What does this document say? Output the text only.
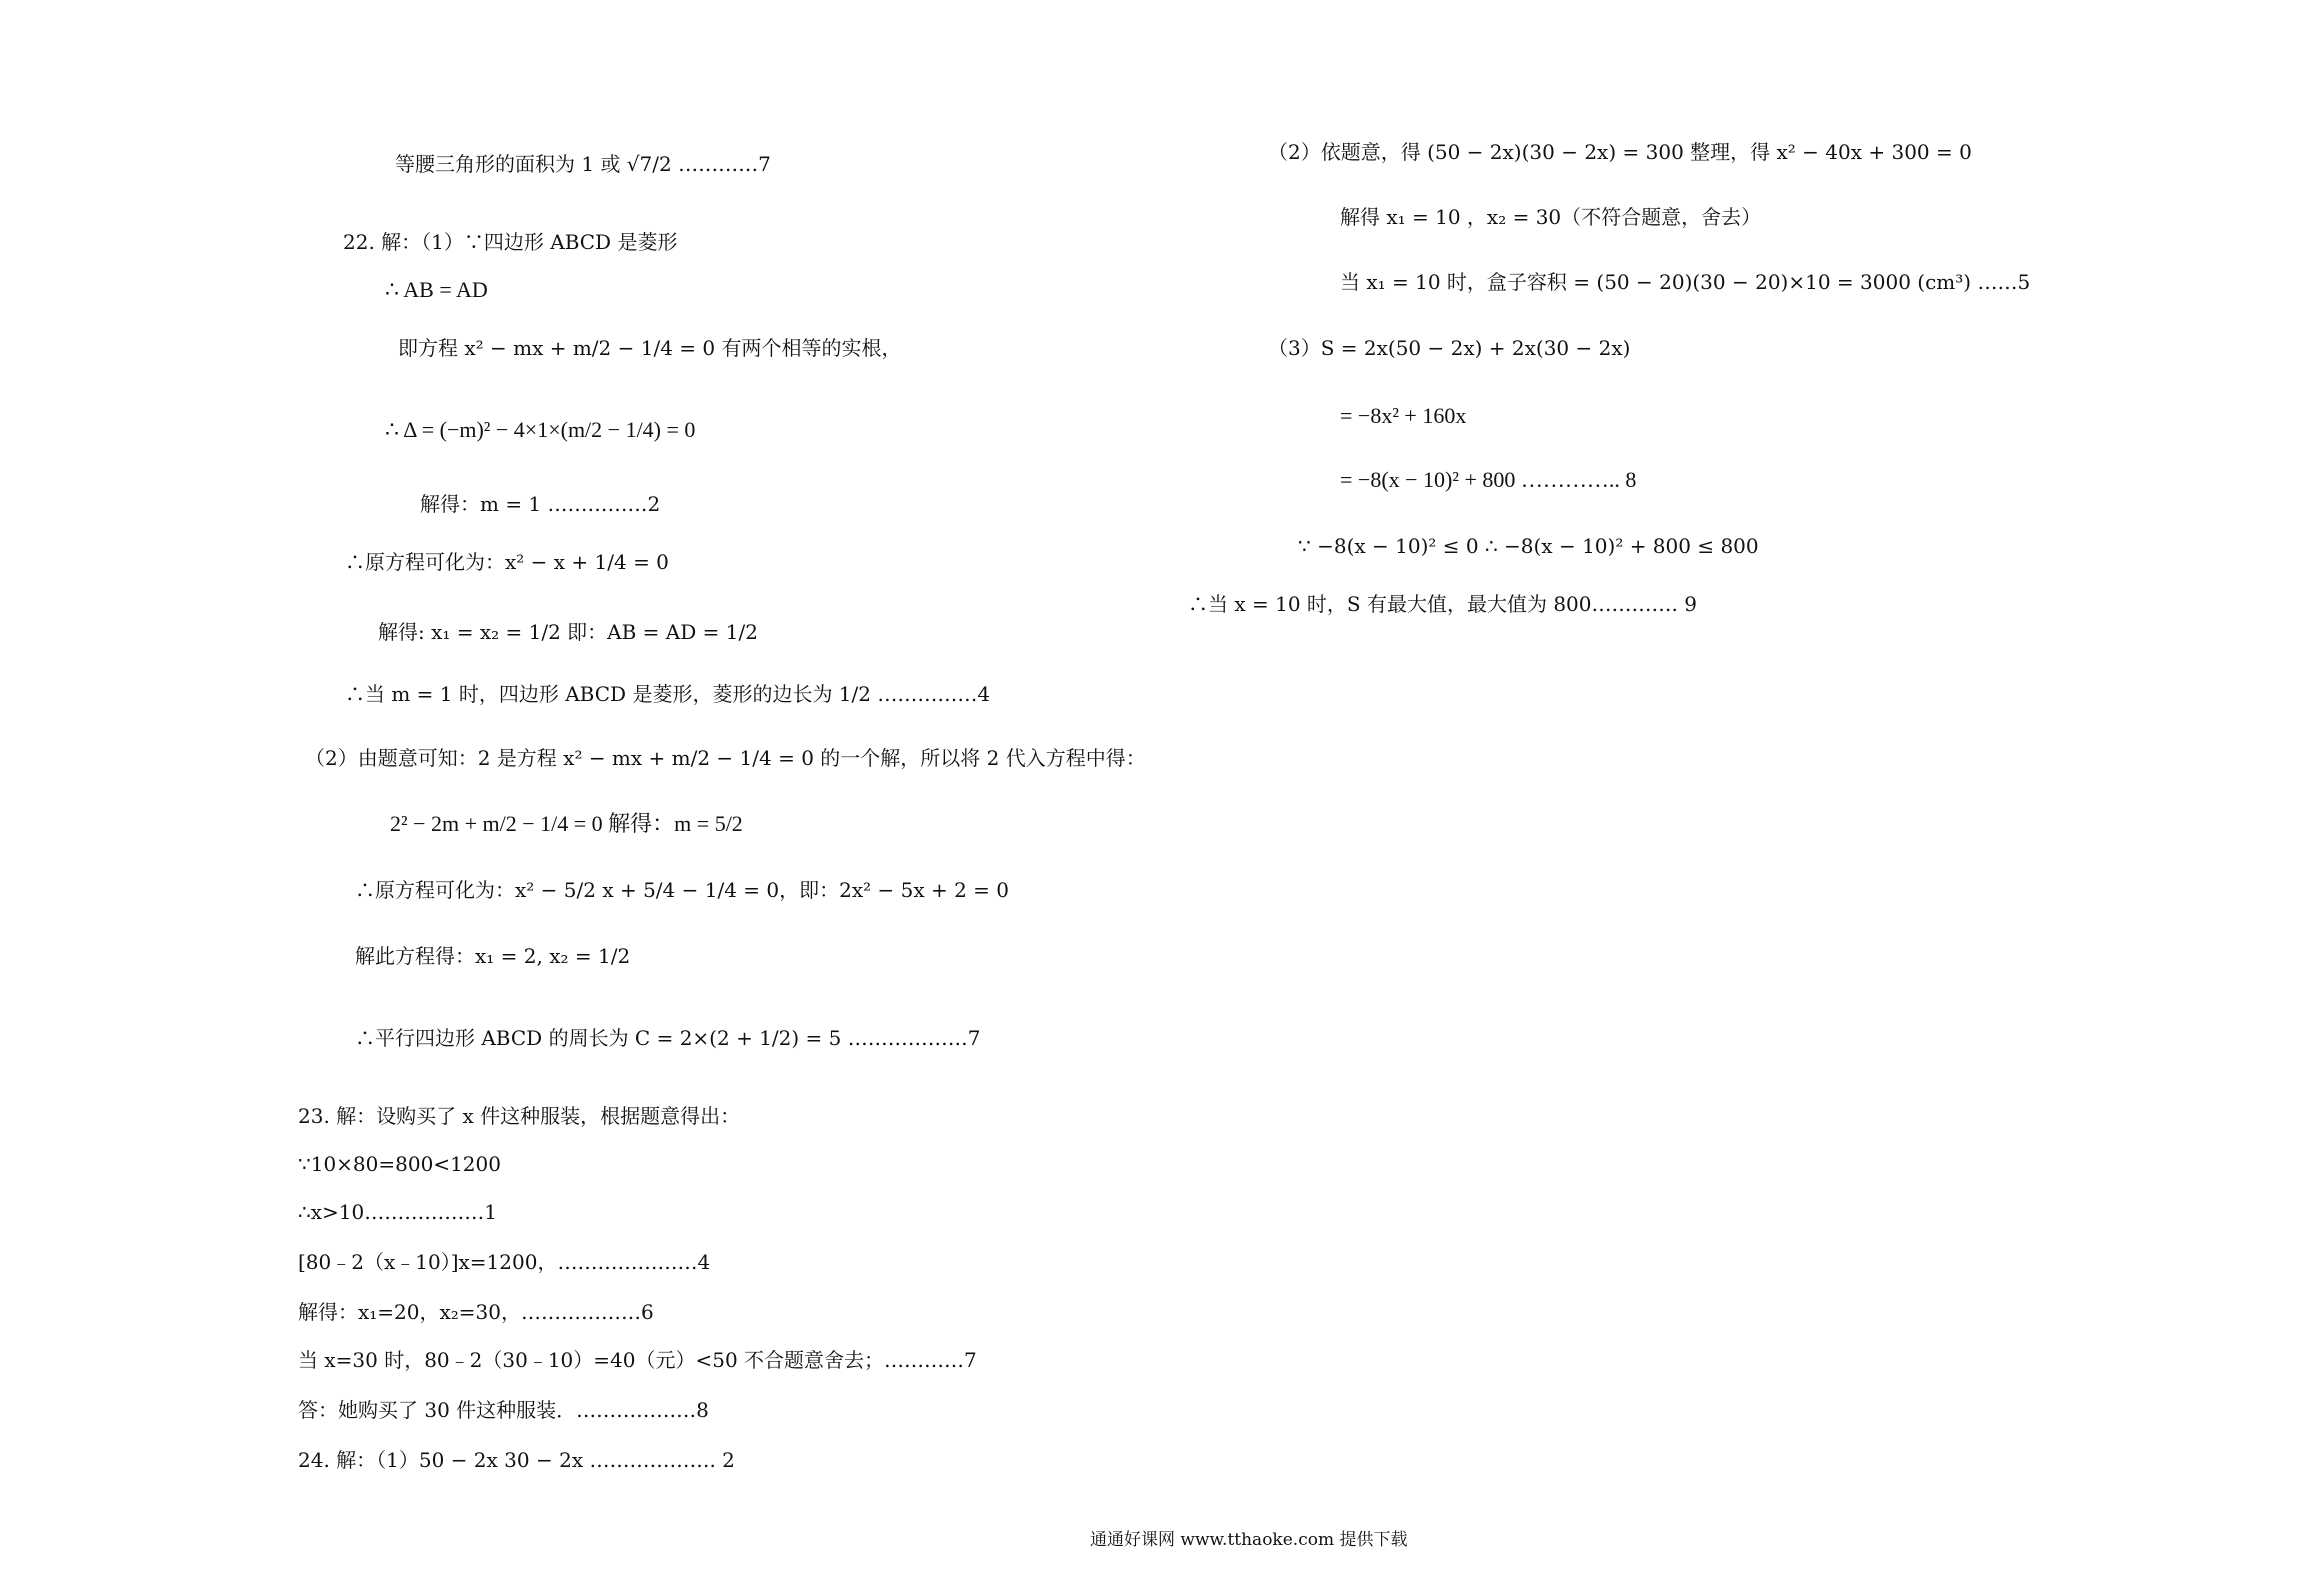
等腰三角形的面积为 1 或 √7/2 …………7
22. 解：（1）∵四边形 ABCD 是菱形
∴ AB = AD
即方程 x² − mx + m/2 − 1/4 = 0 有两个相等的实根，
∴ Δ = (−m)² − 4×1×(m/2 − 1/4) = 0
解得：m = 1 ……………2
∴原方程可化为：x² − x + 1/4 = 0
解得: x₁ = x₂ = 1/2 即：AB = AD = 1/2
∴当 m = 1 时，四边形 ABCD 是菱形，菱形的边长为 1/2 ……………4
（2）由题意可知：2 是方程 x² − mx + m/2 − 1/4 = 0 的一个解，所以将 2 代入方程中得：
2² − 2m + m/2 − 1/4 = 0 解得：m = 5/2
∴原方程可化为：x² − 5/2 x + 5/4 − 1/4 = 0，即：2x² − 5x + 2 = 0
解此方程得：x₁ = 2, x₂ = 1/2
∴平行四边形 ABCD 的周长为 C = 2×(2 + 1/2) = 5 ………………7
23. 解：设购买了 x 件这种服装，根据题意得出：
∵10×80=800<1200
∴x>10………………1
[80﹣2（x﹣10）]x=1200，…………………4
解得：x₁=20，x₂=30，………………6
当 x=30 时，80﹣2（30﹣10）=40（元）<50 不合题意舍去；…………7
答：她购买了 30 件这种服装．………………8
24. 解：（1）50 − 2x 30 − 2x ………………. 2
（2）依题意，得 (50 − 2x)(30 − 2x) = 300 整理，得 x² − 40x + 300 = 0
解得 x₁ = 10 ，x₂ = 30（不符合题意，舍去）
当 x₁ = 10 时，盒子容积 = (50 − 20)(30 − 20)×10 = 3000 (cm³) ……5
（3）S = 2x(50 − 2x) + 2x(30 − 2x)
= −8x² + 160x
= −8(x − 10)² + 800 ………….. 8
∵ −8(x − 10)² ≤ 0 ∴ −8(x − 10)² + 800 ≤ 800
∴当 x = 10 时，S 有最大值，最大值为 800…………. 9
通通好课网 www.tthaoke.com 提供下载
